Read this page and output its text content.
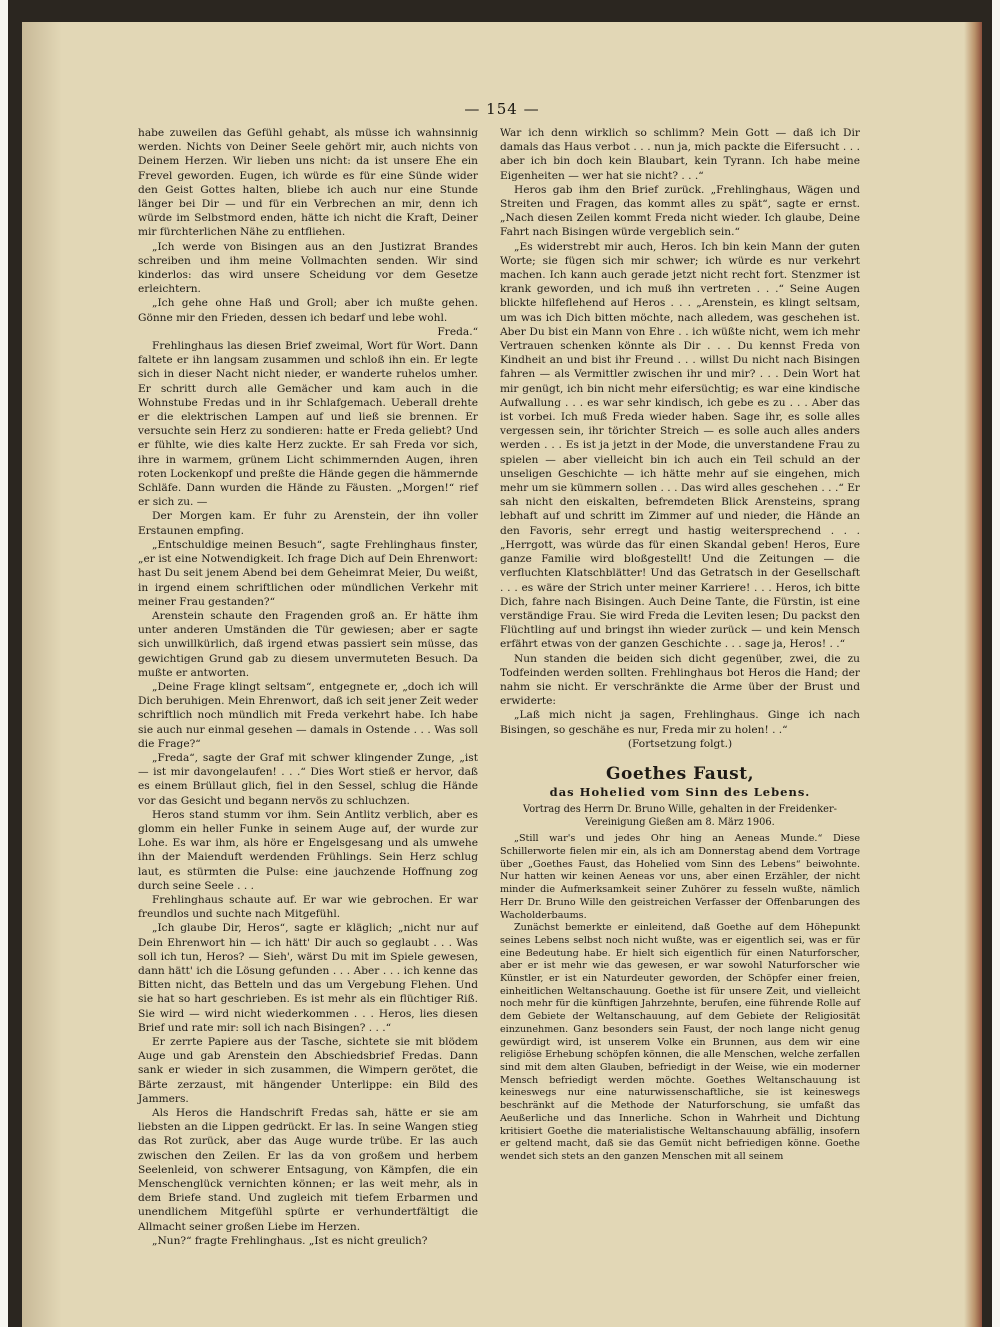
— 154 —

habe zuweilen das Gefühl gehabt, als müsse ich wahnsinnig werden. Nichts von Deiner Seele gehört mir, auch nichts von Deinem Herzen. Wir lieben uns nicht: da ist unsere Ehe ein Frevel geworden. Eugen, ich würde es für eine Sünde wider den Geist Gottes halten, bliebe ich auch nur eine Stunde länger bei Dir — und für ein Verbrechen an mir, denn ich würde im Selbstmord enden, hätte ich nicht die Kraft, Deiner mir fürchterlichen Nähe zu entfliehen.

„Ich werde von Bisingen aus an den Justizrat Brandes schreiben und ihm meine Vollmachten senden. Wir sind kinderlos: das wird unsere Scheidung vor dem Gesetze erleichtern.

„Ich gehe ohne Haß und Groll; aber ich mußte gehen. Gönne mir den Frieden, dessen ich bedarf und lebe wohl.

Freda.“

Frehlinghaus las diesen Brief zweimal, Wort für Wort. Dann faltete er ihn langsam zusammen und schloß ihn ein. Er legte sich in dieser Nacht nicht nieder, er wanderte ruhelos umher. Er schritt durch alle Gemächer und kam auch in die Wohnstube Fredas und in ihr Schlafgemach. Ueberall drehte er die elektrischen Lampen auf und ließ sie brennen. Er versuchte sein Herz zu sondieren: hatte er Freda geliebt? Und er fühlte, wie dies kalte Herz zuckte. Er sah Freda vor sich, ihre in warmem, grünem Licht schimmernden Augen, ihren roten Lockenkopf und preßte die Hände gegen die hämmernde Schläfe. Dann wurden die Hände zu Fäusten. „Morgen!“ rief er sich zu. —

Der Morgen kam. Er fuhr zu Arenstein, der ihn voller Erstaunen empfing.

„Entschuldige meinen Besuch“, sagte Frehlinghaus finster, „er ist eine Notwendigkeit. Ich frage Dich auf Dein Ehrenwort: hast Du seit jenem Abend bei dem Geheimrat Meier, Du weißt, in irgend einem schriftlichen oder mündlichen Verkehr mit meiner Frau gestanden?“

Arenstein schaute den Fragenden groß an. Er hätte ihm unter anderen Umständen die Tür gewiesen; aber er sagte sich unwillkürlich, daß irgend etwas passiert sein müsse, das gewichtigen Grund gab zu diesem unvermuteten Besuch. Da mußte er antworten.

„Deine Frage klingt seltsam“, entgegnete er, „doch ich will Dich beruhigen. Mein Ehrenwort, daß ich seit jener Zeit weder schriftlich noch mündlich mit Freda verkehrt habe. Ich habe sie auch nur einmal gesehen — damals in Ostende . . . Was soll die Frage?“

„Freda“, sagte der Graf mit schwer klingender Zunge, „ist — ist mir davongelaufen! . . .“ Dies Wort stieß er hervor, daß es einem Brüllaut glich, fiel in den Sessel, schlug die Hände vor das Gesicht und begann nervös zu schluchzen.

Heros stand stumm vor ihm. Sein Antlitz verblich, aber es glomm ein heller Funke in seinem Auge auf, der wurde zur Lohe. Es war ihm, als höre er Engelsgesang und als umwehe ihn der Maienduft werdenden Frühlings. Sein Herz schlug laut, es stürmten die Pulse: eine jauchzende Hoffnung zog durch seine Seele . . .

Frehlinghaus schaute auf. Er war wie gebrochen. Er war freundlos und suchte nach Mitgefühl.

„Ich glaube Dir, Heros“, sagte er kläglich; „nicht nur auf Dein Ehrenwort hin — ich hätt' Dir auch so geglaubt . . . Was soll ich tun, Heros? — Sieh', wärst Du mit im Spiele gewesen, dann hätt' ich die Lösung gefunden . . . Aber . . . ich kenne das Bitten nicht, das Betteln und das um Vergebung Flehen. Und sie hat so hart geschrieben. Es ist mehr als ein flüchtiger Riß. Sie wird — wird nicht wiederkommen . . . Heros, lies diesen Brief und rate mir: soll ich nach Bisingen? . . .“

Er zerrte Papiere aus der Tasche, sichtete sie mit blödem Auge und gab Arenstein den Abschiedsbrief Fredas. Dann sank er wieder in sich zusammen, die Wimpern gerötet, die Bärte zerzaust, mit hängender Unterlippe: ein Bild des Jammers.

Als Heros die Handschrift Fredas sah, hätte er sie am liebsten an die Lippen gedrückt. Er las. In seine Wangen stieg das Rot zurück, aber das Auge wurde trübe. Er las auch zwischen den Zeilen. Er las da von großem und herbem Seelenleid, von schwerer Entsagung, von Kämpfen, die ein Menschenglück vernichten können; er las weit mehr, als in dem Briefe stand. Und zugleich mit tiefem Erbarmen und unendlichem Mitgefühl spürte er verhundertfältigt die Allmacht seiner großen Liebe im Herzen.

„Nun?“ fragte Frehlinghaus. „Ist es nicht greulich?

War ich denn wirklich so schlimm? Mein Gott — daß ich Dir damals das Haus verbot . . . nun ja, mich packte die Eifersucht . . . aber ich bin doch kein Blaubart, kein Tyrann. Ich habe meine Eigenheiten — wer hat sie nicht? . . .“

Heros gab ihm den Brief zurück. „Frehlinghaus, Wägen und Streiten und Fragen, das kommt alles zu spät“, sagte er ernst. „Nach diesen Zeilen kommt Freda nicht wieder. Ich glaube, Deine Fahrt nach Bisingen würde vergeblich sein.“

„Es widerstrebt mir auch, Heros. Ich bin kein Mann der guten Worte; sie fügen sich mir schwer; ich würde es nur verkehrt machen. Ich kann auch gerade jetzt nicht recht fort. Stenzmer ist krank geworden, und ich muß ihn vertreten . . .“ Seine Augen blickte hilfeflehend auf Heros . . . „Arenstein, es klingt seltsam, um was ich Dich bitten möchte, nach alledem, was geschehen ist. Aber Du bist ein Mann von Ehre . . ich wüßte nicht, wem ich mehr Vertrauen schenken könnte als Dir . . . Du kennst Freda von Kindheit an und bist ihr Freund . . . willst Du nicht nach Bisingen fahren — als Vermittler zwischen ihr und mir? . . . Dein Wort hat mir genügt, ich bin nicht mehr eifersüchtig; es war eine kindische Aufwallung . . . es war sehr kindisch, ich gebe es zu . . . Aber das ist vorbei. Ich muß Freda wieder haben. Sage ihr, es solle alles vergessen sein, ihr törichter Streich — es solle auch alles anders werden . . . Es ist ja jetzt in der Mode, die unverstandene Frau zu spielen — aber vielleicht bin ich auch ein Teil schuld an der unseligen Geschichte — ich hätte mehr auf sie eingehen, mich mehr um sie kümmern sollen . . . Das wird alles geschehen . . .“ Er sah nicht den eiskalten, befremdeten Blick Arensteins, sprang lebhaft auf und schritt im Zimmer auf und nieder, die Hände an den Favoris, sehr erregt und hastig weitersprechend . . . „Herrgott, was würde das für einen Skandal geben! Heros, Eure ganze Familie wird bloßgestellt! Und die Zeitungen — die verfluchten Klatschblätter! Und das Getratsch in der Gesellschaft . . . es wäre der Strich unter meiner Karriere! . . . Heros, ich bitte Dich, fahre nach Bisingen. Auch Deine Tante, die Fürstin, ist eine verständige Frau. Sie wird Freda die Leviten lesen; Du packst den Flüchtling auf und bringst ihn wieder zurück — und kein Mensch erfährt etwas von der ganzen Geschichte . . . sage ja, Heros! . .“

Nun standen die beiden sich dicht gegenüber, zwei, die zu Todfeinden werden sollten. Frehlinghaus bot Heros die Hand; der nahm sie nicht. Er verschränkte die Arme über der Brust und erwiderte:

„Laß mich nicht ja sagen, Frehlinghaus. Ginge ich nach Bisingen, so geschähe es nur, Freda mir zu holen! . .“

(Fortsetzung folgt.)

Goethes Faust,
das Hohelied vom Sinn des Lebens.
Vortrag des Herrn Dr. Bruno Wille, gehalten in der Freidenker-Vereinigung Gießen am 8. März 1906.

„Still war's und jedes Ohr hing an Aeneas Munde.“ Diese Schillerworte fielen mir ein, als ich am Donnerstag abend dem Vortrage über „Goethes Faust, das Hohelied vom Sinn des Lebens“ beiwohnte. Nur hatten wir keinen Aeneas vor uns, aber einen Erzähler, der nicht minder die Aufmerksamkeit seiner Zuhörer zu fesseln wußte, nämlich Herr Dr. Bruno Wille den geistreichen Verfasser der Offenbarungen des Wacholderbaums.

Zunächst bemerkte er einleitend, daß Goethe auf dem Höhepunkt seines Lebens selbst noch nicht wußte, was er eigentlich sei, was er für eine Bedeutung habe. Er hielt sich eigentlich für einen Naturforscher, aber er ist mehr wie das gewesen, er war sowohl Naturforscher wie Künstler, er ist ein Naturdeuter geworden, der Schöpfer einer freien, einheitlichen Weltanschauung. Goethe ist für unsere Zeit, und vielleicht noch mehr für die künftigen Jahrzehnte, berufen, eine führende Rolle auf dem Gebiete der Weltanschauung, auf dem Gebiete der Religiosität einzunehmen. Ganz besonders sein Faust, der noch lange nicht genug gewürdigt wird, ist unserem Volke ein Brunnen, aus dem wir eine religiöse Erhebung schöpfen können, die alle Menschen, welche zerfallen sind mit dem alten Glauben, befriedigt in der Weise, wie ein moderner Mensch befriedigt werden möchte. Goethes Weltanschauung ist keineswegs nur eine naturwissenschaftliche, sie ist keineswegs beschränkt auf die Methode der Naturforschung, sie umfaßt das Aeußerliche und das Innerliche. Schon in Wahrheit und Dichtung kritisiert Goethe die materialistische Weltanschauung abfällig, insofern er geltend macht, daß sie das Gemüt nicht befriedigen könne. Goethe wendet sich stets an den ganzen Menschen mit all seinem
